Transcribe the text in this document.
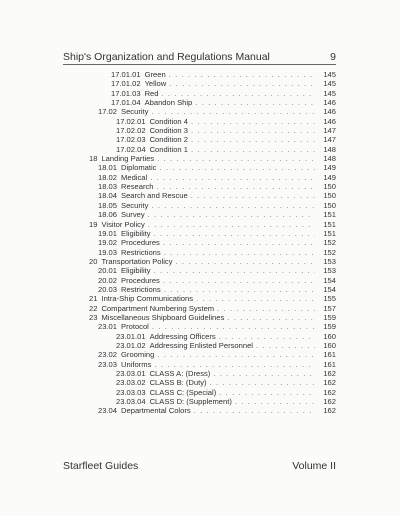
Ship's Organization and Regulations Manual	9
17.01.01 Green . . .	145
17.01.02 Yellow . . .	145
17.01.03 Red . . .	145
17.01.04 Abandon Ship . . .	146
17.02 Security . . .	146
17.02.01 Condition 4 . . .	146
17.02.02 Condition 3 . . .	147
17.02.03 Condition 2 . . .	147
17.02.04 Condition 1 . . .	148
18 Landing Parties . . .	148
18.01 Diplomatic . . .	149
18.02 Medical . . .	149
18.03 Research . . .	150
18.04 Search and Rescue . . .	150
18.05 Security . . .	150
18.06 Survey . . .	151
19 Visitor Policy . . .	151
19.01 Eligibility . . .	151
19.02 Procedures . . .	152
19.03 Restrictions . . .	152
20 Transportation Policy . . .	153
20.01 Eligibility . . .	153
20.02 Procedures . . .	154
20.03 Restrictions . . .	154
21 Intra-Ship Communications . . .	155
22 Compartment Numbering System . . .	157
23 Miscellaneous Shipboard Guidelines . . .	159
23.01 Protocol . . .	159
23.01.01 Addressing Officers . . .	160
23.01.02 Addressing Enlisted Personnel . . .	160
23.02 Grooming . . .	161
23.03 Uniforms . . .	161
23.03.01 CLASS A: (Dress) . . .	162
23.03.02 CLASS B: (Duty) . . .	162
23.03.03 CLASS C: (Special) . . .	162
23.03.04 CLASS D: (Supplement) . . .	162
23.04 Departmental Colors . . .	162
Starfleet Guides	Volume II
